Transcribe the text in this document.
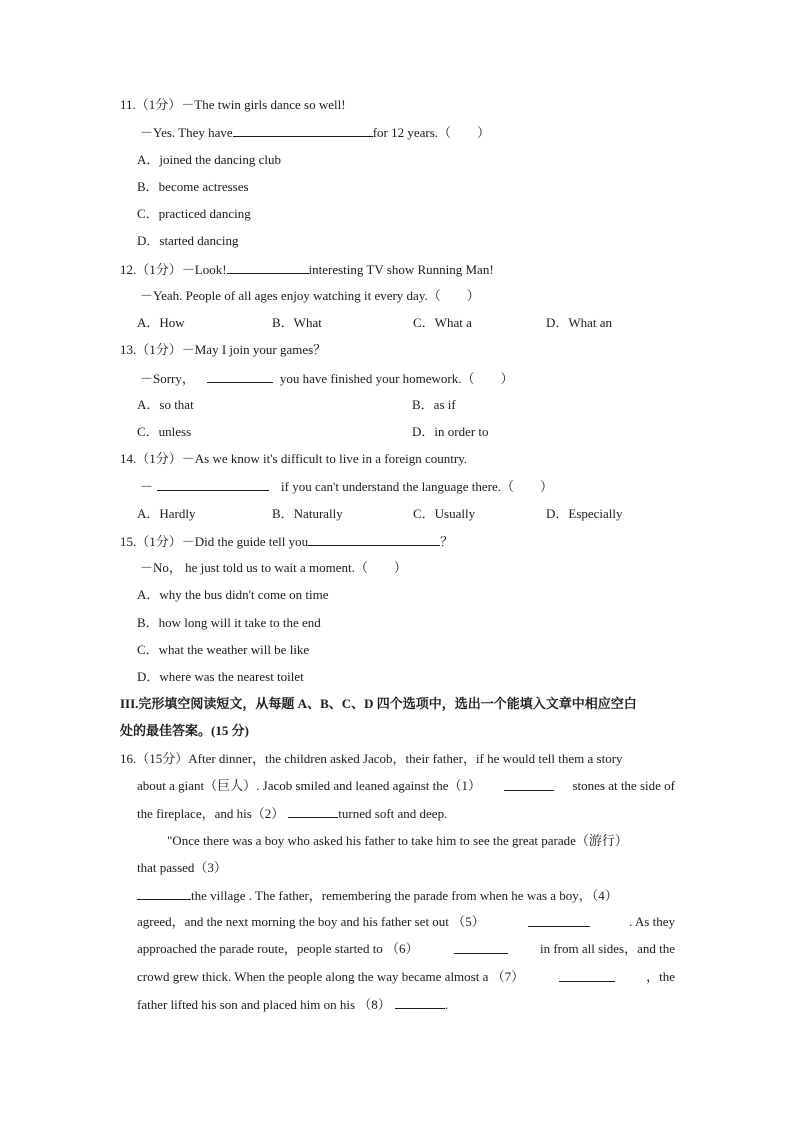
11.（1分）－The twin girls dance so well!
－Yes. They have	for 12 years.（　　）
A．joined the dancing club
B．become actresses
C．practiced dancing
D．started dancing
12.（1分）－Look!	interesting TV show Running Man!
－Yeah. People of all ages enjoy watching it every day.（　　）
A．How	B．What	C．What a	D．What an
13.（1分）－May I join your games？
－Sorry，	you have finished your homework.（　　）
A．so that	B．as if
C．unless	D．in order to
14.（1分）－As we know it's difficult to live in a foreign country.
－	if you can't understand the language there.（　　）
A．Hardly	B．Naturally	C．Usually	D．Especially
15.（1分）－Did the guide tell you	？
－No， he just told us to wait a moment.（　　）
A．why the bus didn't come on time
B．how long will it take to the end
C．what the weather will be like
D．where was the nearest toilet
III.完形填空阅读短文，从每题 A、B、C、D 四个选项中，选出一个能填入文章中相应空白
处的最佳答案。(15 分)
16.（15分）After dinner，the children asked Jacob，their father，if he would tell them a story
about a giant（巨人）. Jacob smiled and leaned against the（1）	stones at the side of
the fireplace，and his（2）	turned soft and deep.
"Once there was a boy who asked his father to take him to see the great parade（游行）
that passed（3）
the village . The father，remembering the parade from when he was a boy，（4）
agreed，and the next morning the boy and his father set out （5）	. As they
approached the parade route，people started to （6）	in from all sides，and the
crowd grew thick. When the people along the way became almost a （7）	，the
father lifted his son and placed him on his （8）	.
